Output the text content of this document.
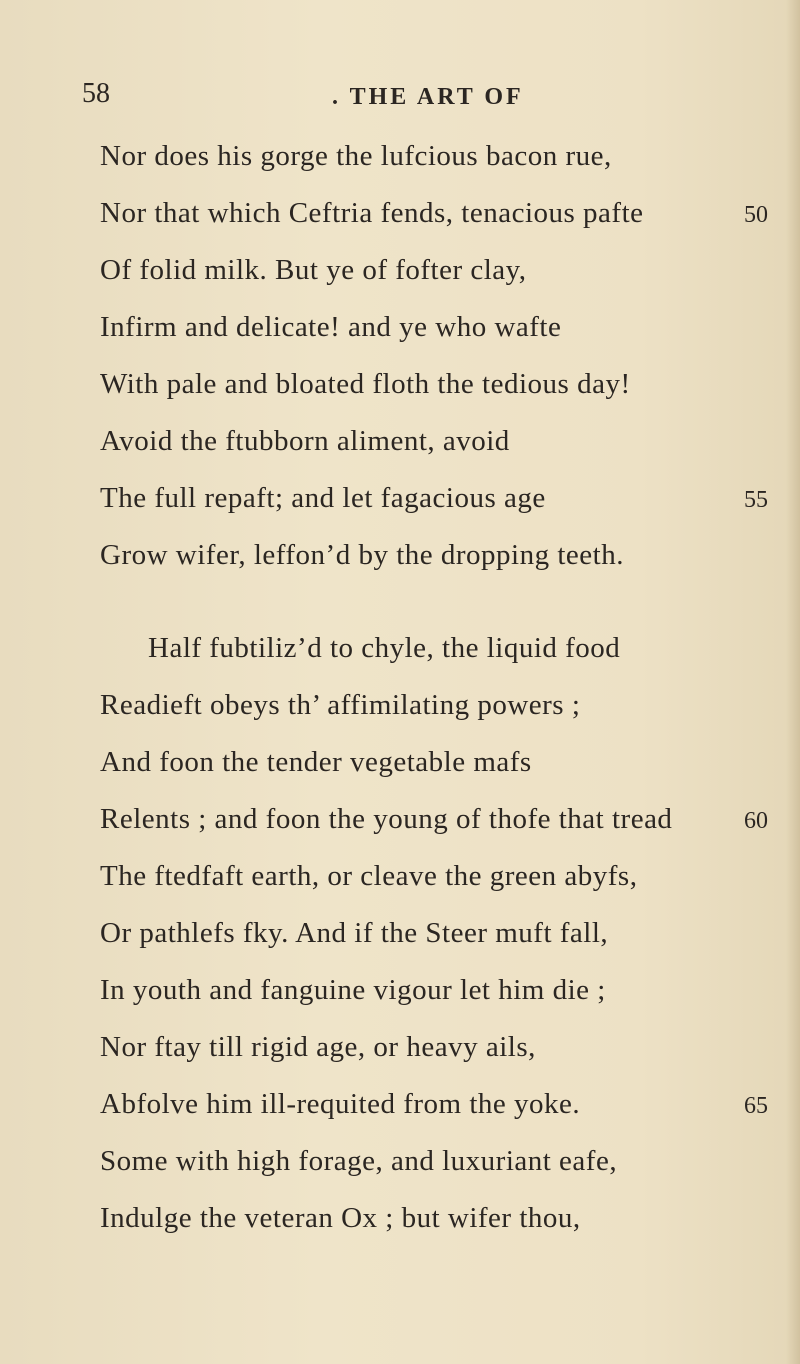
58	. THE ART OF
Nor does his gorge the lufcious bacon rue,
Nor that which Ceftria fends, tenacious pafte
Of folid milk. But ye of fofter clay,
Infirm and delicate! and ye who wafte
With pale and bloated floth the tedious day!
Avoid the ftubborn aliment, avoid
The full repaft; and let fagacious age
Grow wifer, leffon’d by the dropping teeth.
Half fubtiliz’d to chyle, the liquid food
Readieft obeys th’ affimilating powers ;
And foon the tender vegetable mafs
Relents ; and foon the young of thofe that tread
The ftedfaft earth, or cleave the green abyfs,
Or pathlefs fky. And if the Steer muft fall,
In youth and fanguine vigour let him die ;
Nor ftay till rigid age, or heavy ails,
Abfolve him ill-requited from the yoke.
Some with high forage, and luxuriant eafe,
Indulge the veteran Ox ; but wifer thou,
50
55
60
65
